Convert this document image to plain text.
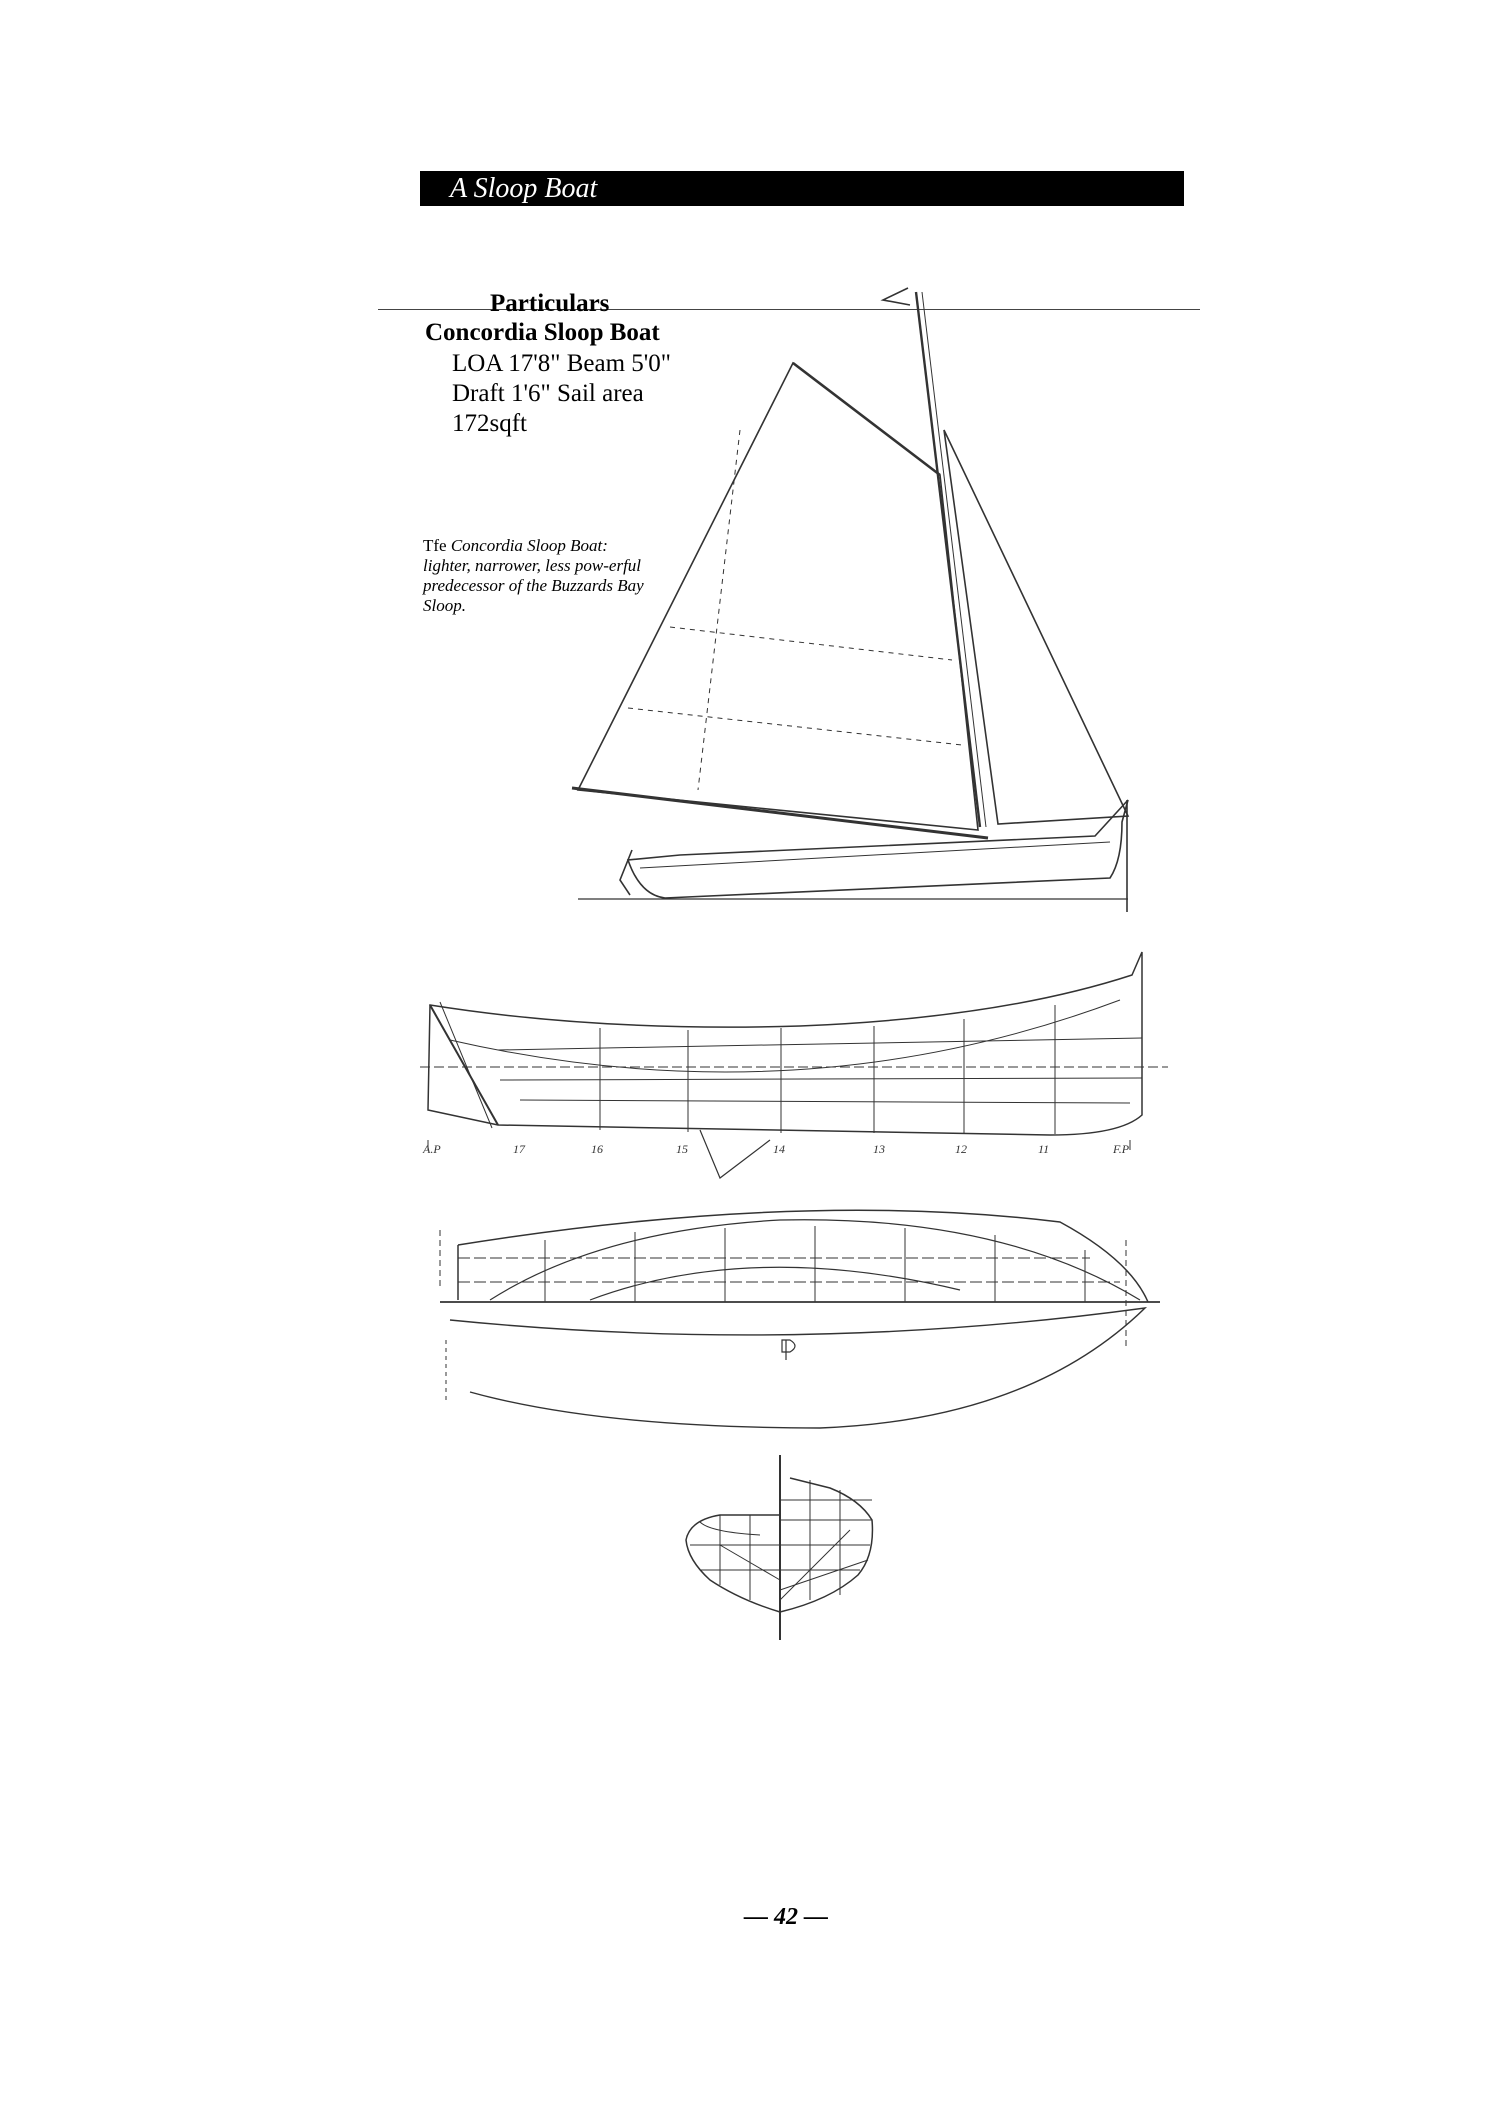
A Sloop Boat
Particulars
Concordia Sloop Boat
LOA 17'8" Beam 5'0" Draft 1'6" Sail area 172sqft
Tfe Concordia Sloop Boat: lighter, narrower, less pow-erful predecessor of the Buzzards Bay Sloop.
A.P	17	16	15	14	13	12	11	F.P
— 42 —
